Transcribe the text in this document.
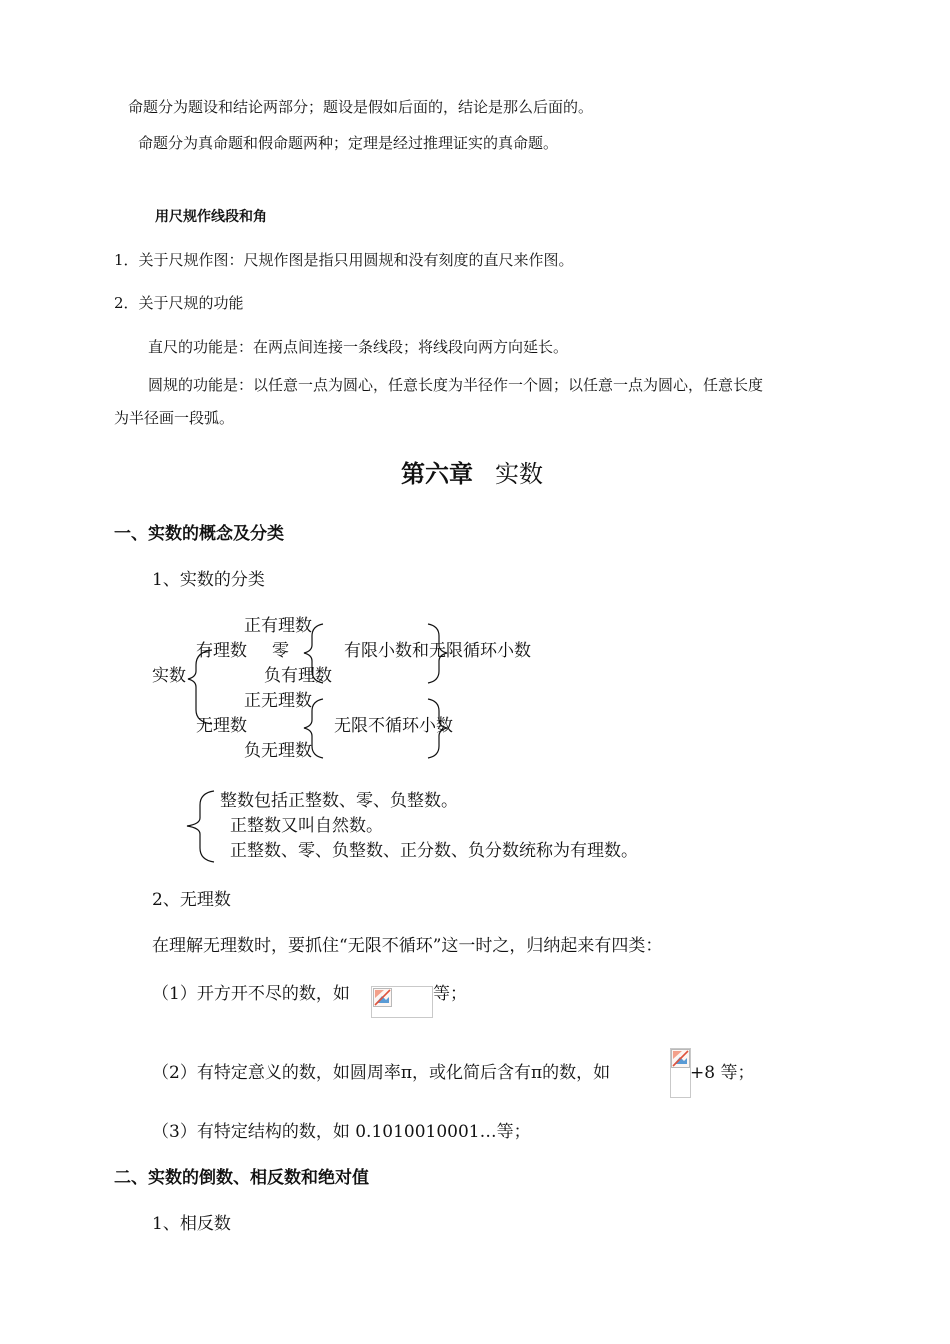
命题分为题设和结论两部分；题设是假如后面的，结论是那么后面的。
命题分为真命题和假命题两种；定理是经过推理证实的真命题。
用尺规作线段和角
1．关于尺规作图：尺规作图是指只用圆规和没有刻度的直尺来作图。
2．关于尺规的功能
直尺的功能是：在两点间连接一条线段；将线段向两方向延长。
圆规的功能是：以任意一点为圆心，任意长度为半径作一个圆；以任意一点为圆心，任意长度
为半径画一段弧。
第六章 实数
一、实数的概念及分类
1、实数的分类
正有理数
有理数 零	有限小数和无限循环小数
实数	负有理数
正无理数
无理数	无限不循环小数
负无理数
整数包括正整数、零、负整数。
正整数又叫自然数。
正整数、零、负整数、正分数、负分数统称为有理数。
2、无理数
在理解无理数时，要抓住“无限不循环”这一时之，归纳起来有四类：
（1）开方开不尽的数，如	等；
（2）有特定意义的数，如圆周率π，或化简后含有π的数，如	+8 等；
（3）有特定结构的数，如 0.1010010001…等；
二、实数的倒数、相反数和绝对值
1、相反数
